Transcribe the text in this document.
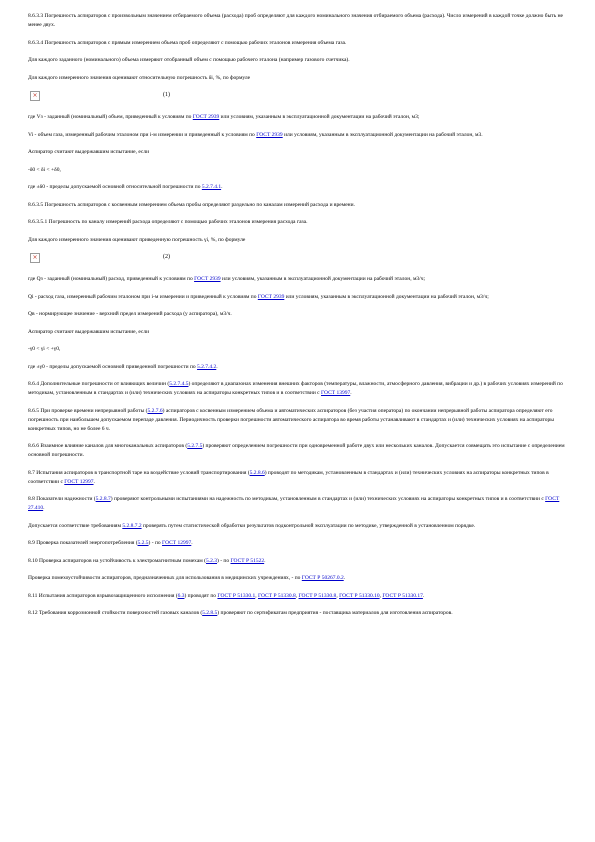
8.6.3.3 Погрешность аспираторов с произвольным значением отбираемого объема (расхода) проб определяют для каждого номинального значения отбираемого объема (расхода). Число измерений в каждой точке должно быть не менее двух.

8.6.3.4 Погрешность аспираторов с прямым измерением объема проб определяют с помощью рабочих эталонов измерения объема газа.

Для каждого заданного (номинального) объема измеряют отобранный объем с помощью рабочего эталона (например газового счетчика).

Для каждого измеренного значения оценивают относительную погрешность δi, %, по формуле

×	(1)

где Vз - заданный (номинальный) объем, приведенный к условиям по ГОСТ 2939 или условиям, указанным в эксплуатационной документации на рабочий эталон, м3;

Vi - объем газа, измеренный рабочим эталоном при i-м измерении и приведенный к условиям по ГОСТ 2939 или условиям, указанным в эксплуатационной документации на рабочий эталон, м3.

Аспиратор считают выдержавшим испытание, если

-δ0 < δi < +δ0,

где ±δ0 - пределы допускаемой основной относительной погрешности по 5.2.7.4.1.

8.6.3.5 Погрешность аспираторов с косвенным измерением объема пробы определяют раздельно по каналам измерений расхода и времени.

8.6.3.5.1 Погрешность по каналу измерений расхода определяют с помощью рабочих эталонов измерения расхода газа.

Для каждого измеренного значения оценивают приведенную погрешность γi, %, по формуле

×	(2)

где Qз - заданный (номинальный) расход, приведенный к условиям по ГОСТ 2939 или условиям, указанным в эксплуатационной документации на рабочий эталон, м3/ч;

Qi - расход газа, измеренный рабочим эталоном при i-м измерении и приведенный к условиям по ГОСТ 2939 или условиям, указанным в эксплуатационной документации на рабочий эталон, м3/ч;

Qв - нормирующее значение - верхний предел измерений расхода (у аспиратора), м3/ч.

Аспиратор считают выдержавшим испытание, если

-γ0 < γi < +γ0,

где ±γ0 - пределы допускаемой основной приведенной погрешности по 5.2.7.4.2.

8.6.4 Дополнительные погрешности от влияющих величин (5.2.7.4.5) определяют в диапазонах изменения внешних факторов (температуры, влажности, атмосферного давления, вибрации и др.) в рабочих условиях измерений по методикам, установленным в стандартах и (или) технических условиях на аспираторы конкретных типов и в соответствии с ГОСТ 13997.

8.6.5 При проверке времени непрерывной работы (5.2.7.6) аспираторов с косвенным измерением объема и автоматических аспираторов (без участия оператора) по окончании непрерывной работы аспиратора определяют его погрешность при наибольшем допускаемом перепаде давления. Периодичность проверки погрешности автоматического аспиратора во время работы устанавливают в стандартах и (или) технических условиях на аспираторы конкретных типов, но не более 6 ч.

8.6.6 Взаимное влияние каналов для многоканальных аспираторов (5.2.7.5) проверяют определением погрешности при одновременной работе двух или нескольких каналов. Допускается совмещать это испытание с определением основной погрешности.

8.7 Испытания аспираторов в транспортной таре на воздействие условий транспортирования (5.2.8.6) проводят по методикам, установленным в стандартах и (или) технических условиях на аспираторы конкретных типов в соответствии с ГОСТ 12997.

8.8 Показатели надежности (5.2.8.7) проверяют контрольными испытаниями на надежность по методикам, установленным в стандартах и (или) технических условиях на аспираторы конкретных типов и в соответствии с ГОСТ 27.410.

Допускается соответствие требованиям 5.2.8.7.2 проверять путем статистической обработки результатов подконтрольной эксплуатации по методике, утвержденной в установленном порядке.

8.9 Проверка показателей энергопотребления (5.2.5) - по ГОСТ 12997.

8.10 Проверка аспираторов на устойчивость к электромагнитным помехам (5.2.3) - по ГОСТ Р 51522.

Проверка помехоустойчивости аспираторов, предназначенных для использования в медицинских учреждениях, - по ГОСТ Р 50267.0.2.

8.11 Испытания аспираторов взрывозащищенного исполнения (6.3) проводят по ГОСТ Р 51330.1, ГОСТ Р 51330.8, ГОСТ Р 51330.8, ГОСТ Р 51330.10, ГОСТ Р 51330.17.

8.12 Требования коррозионной стойкости поверхностей газовых каналов (5.2.8.5) проверяют по сертификатам предприятия - поставщика материалов для изготовления аспираторов.
